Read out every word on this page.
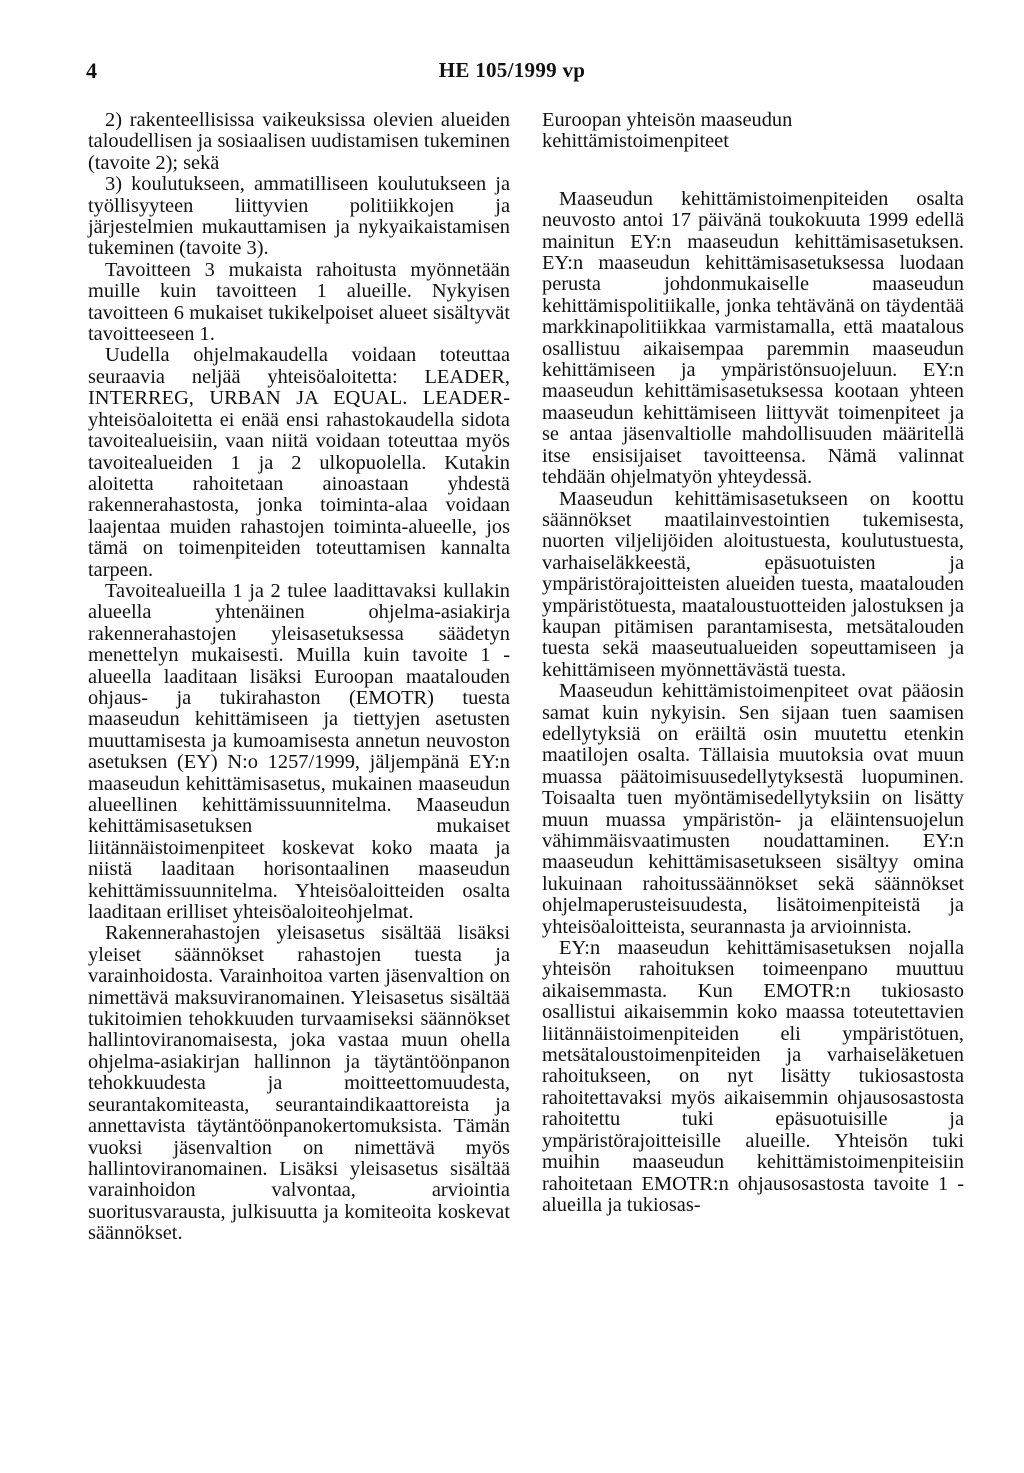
4	HE 105/1999 vp

2) rakenteellisissa vaikeuksissa olevien alueiden taloudellisen ja sosiaalisen uudistamisen tukeminen (tavoite 2); sekä

3) koulutukseen, ammatilliseen koulutukseen ja työllisyyteen liittyvien politiikkojen ja järjestelmien mukauttamisen ja nykyaikaistamisen tukeminen (tavoite 3).

Tavoitteen 3 mukaista rahoitusta myönnetään muille kuin tavoitteen 1 alueille. Nykyisen tavoitteen 6 mukaiset tukikelpoiset alueet sisältyvät tavoitteeseen 1.

Uudella ohjelmakaudella voidaan toteuttaa seuraavia neljää yhteisöaloitetta: LEADER, INTERREG, URBAN JA EQUAL. LEADER-yhteisöaloitetta ei enää ensi rahastokaudella sidota tavoitealueisiin, vaan niitä voidaan toteuttaa myös tavoitealueiden 1 ja 2 ulkopuolella. Kutakin aloitetta rahoitetaan ainoastaan yhdestä rakennerahastosta, jonka toiminta-alaa voidaan laajentaa muiden rahastojen toiminta-alueelle, jos tämä on toimenpiteiden toteuttamisen kannalta tarpeen.

Tavoitealueilla 1 ja 2 tulee laadittavaksi kullakin alueella yhtenäinen ohjelma-asiakirja rakennerahastojen yleisasetuksessa säädetyn menettelyn mukaisesti. Muilla kuin tavoite 1 -alueella laaditaan lisäksi Euroopan maatalouden ohjaus- ja tukirahaston (EMOTR) tuesta maaseudun kehittämiseen ja tiettyjen asetusten muuttamisesta ja kumoamisesta annetun neuvoston asetuksen (EY) N:o 1257/1999, jäljempänä EY:n maaseudun kehittämisasetus, mukainen maaseudun alueellinen kehittämissuunnitelma. Maaseudun kehittämisasetuksen mukaiset liitännäistoimenpiteet koskevat koko maata ja niistä laaditaan horisontaalinen maaseudun kehittämissuunnitelma. Yhteisöaloitteiden osalta laaditaan erilliset yhteisöaloiteohjelmat.

Rakennerahastojen yleisasetus sisältää lisäksi yleiset säännökset rahastojen tuesta ja varainhoidosta. Varainhoitoa varten jäsenvaltion on nimettävä maksuviranomainen. Yleisasetus sisältää tukitoimien tehokkuuden turvaamiseksi säännökset hallintoviranomaisesta, joka vastaa muun ohella ohjelma-asiakirjan hallinnon ja täytäntöönpanon tehokkuudesta ja moitteettomuudesta, seurantakomiteasta, seurantaindikaattoreista ja annettavista täytäntöönpanokertomuksista. Tämän vuoksi jäsenvaltion on nimettävä myös hallintoviranomainen. Lisäksi yleisasetus sisältää varainhoidon valvontaa, arviointia suoritusvarausta, julkisuutta ja komiteoita koskevat säännökset.

Euroopan yhteisön maaseudun kehittämistoimenpiteet

Maaseudun kehittämistoimenpiteiden osalta neuvosto antoi 17 päivänä toukokuuta 1999 edellä mainitun EY:n maaseudun kehittämisasetuksen. EY:n maaseudun kehittämisasetuksessa luodaan perusta johdonmukaiselle maaseudun kehittämispolitiikalle, jonka tehtävänä on täydentää markkinapolitiikkaa varmistamalla, että maatalous osallistuu aikaisempaa paremmin maaseudun kehittämiseen ja ympäristönsuojeluun. EY:n maaseudun kehittämisasetuksessa kootaan yhteen maaseudun kehittämiseen liittyvät toimenpiteet ja se antaa jäsenvaltiolle mahdollisuuden määritellä itse ensisijaiset tavoitteensa. Nämä valinnat tehdään ohjelmatyön yhteydessä.

Maaseudun kehittämisasetukseen on koottu säännökset maatilainvestointien tukemisesta, nuorten viljelijöiden aloitustuesta, koulutustuesta, varhaiseläkkeestä, epäsuotuisten ja ympäristörajoitteisten alueiden tuesta, maatalouden ympäristötuesta, maataloustuotteiden jalostuksen ja kaupan pitämisen parantamisesta, metsätalouden tuesta sekä maaseutualueiden sopeuttamiseen ja kehittämiseen myönnettävästä tuesta.

Maaseudun kehittämistoimenpiteet ovat pääosin samat kuin nykyisin. Sen sijaan tuen saamisen edellytyksiä on eräiltä osin muutettu etenkin maatilojen osalta. Tällaisia muutoksia ovat muun muassa päätoimisuusedellytyksestä luopuminen. Toisaalta tuen myöntämisedellytyksiin on lisätty muun muassa ympäristön- ja eläintensuojelun vähimmäisvaatimusten noudattaminen. EY:n maaseudun kehittämisasetukseen sisältyy omina lukuinaan rahoitussäännökset sekä säännökset ohjelmaperusteisuudesta, lisätoimenpiteistä ja yhteisöaloitteista, seurannasta ja arvioinnista.

EY:n maaseudun kehittämisasetuksen nojalla yhteisön rahoituksen toimeenpano muuttuu aikaisemmasta. Kun EMOTR:n tukiosasto osallistui aikaisemmin koko maassa toteutettavien liitännäistoimenpiteiden eli ympäristötuen, metsätaloustoimenpiteiden ja varhaiseläketuen rahoitukseen, on nyt lisätty tukiosastosta rahoitettavaksi myös aikaisemmin ohjausosastosta rahoitettu tuki epäsuotuisille ja ympäristörajoitteisille alueille. Yhteisön tuki muihin maaseudun kehittämistoimenpiteisiin rahoitetaan EMOTR:n ohjausosastosta tavoite 1 -alueilla ja tukiosas-
